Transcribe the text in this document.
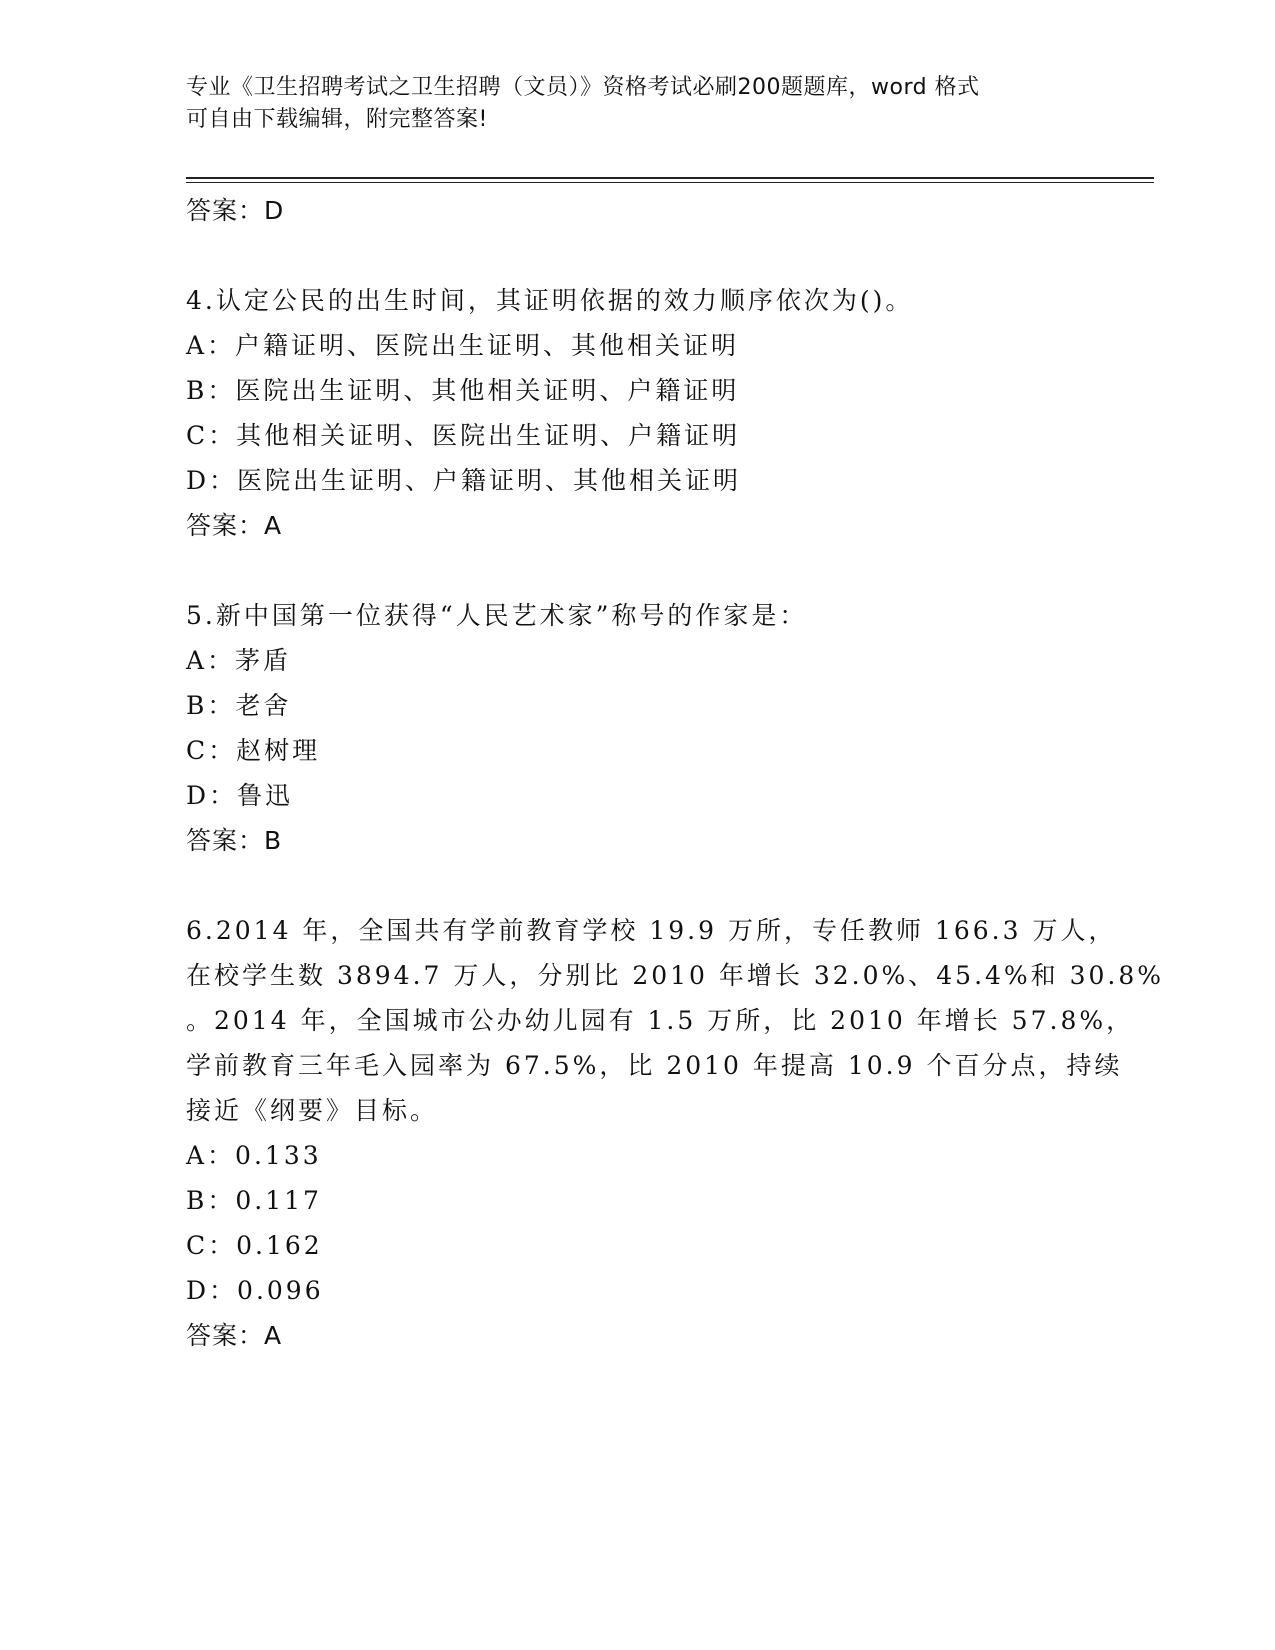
专业《卫生招聘考试之卫生招聘（文员）》资格考试必刷200题题库，word 格式
可自由下载编辑，附完整答案!
答案：D
4.认定公民的出生时间，其证明依据的效力顺序依次为()。
A：户籍证明、医院出生证明、其他相关证明
B：医院出生证明、其他相关证明、户籍证明
C：其他相关证明、医院出生证明、户籍证明
D：医院出生证明、户籍证明、其他相关证明
答案：A
5.新中国第一位获得“人民艺术家”称号的作家是：
A：茅盾
B：老舍
C：赵树理
D：鲁迅
答案：B
6.2014 年，全国共有学前教育学校 19.9 万所，专任教师 166.3 万人，
在校学生数 3894.7 万人，分别比 2010 年增长 32.0%、45.4%和 30.8%
。2014 年，全国城市公办幼儿园有 1.5 万所，比 2010 年增长 57.8%，
学前教育三年毛入园率为 67.5%，比 2010 年提高 10.9 个百分点，持续
接近《纲要》目标。
A：0.133
B：0.117
C：0.162
D：0.096
答案：A
